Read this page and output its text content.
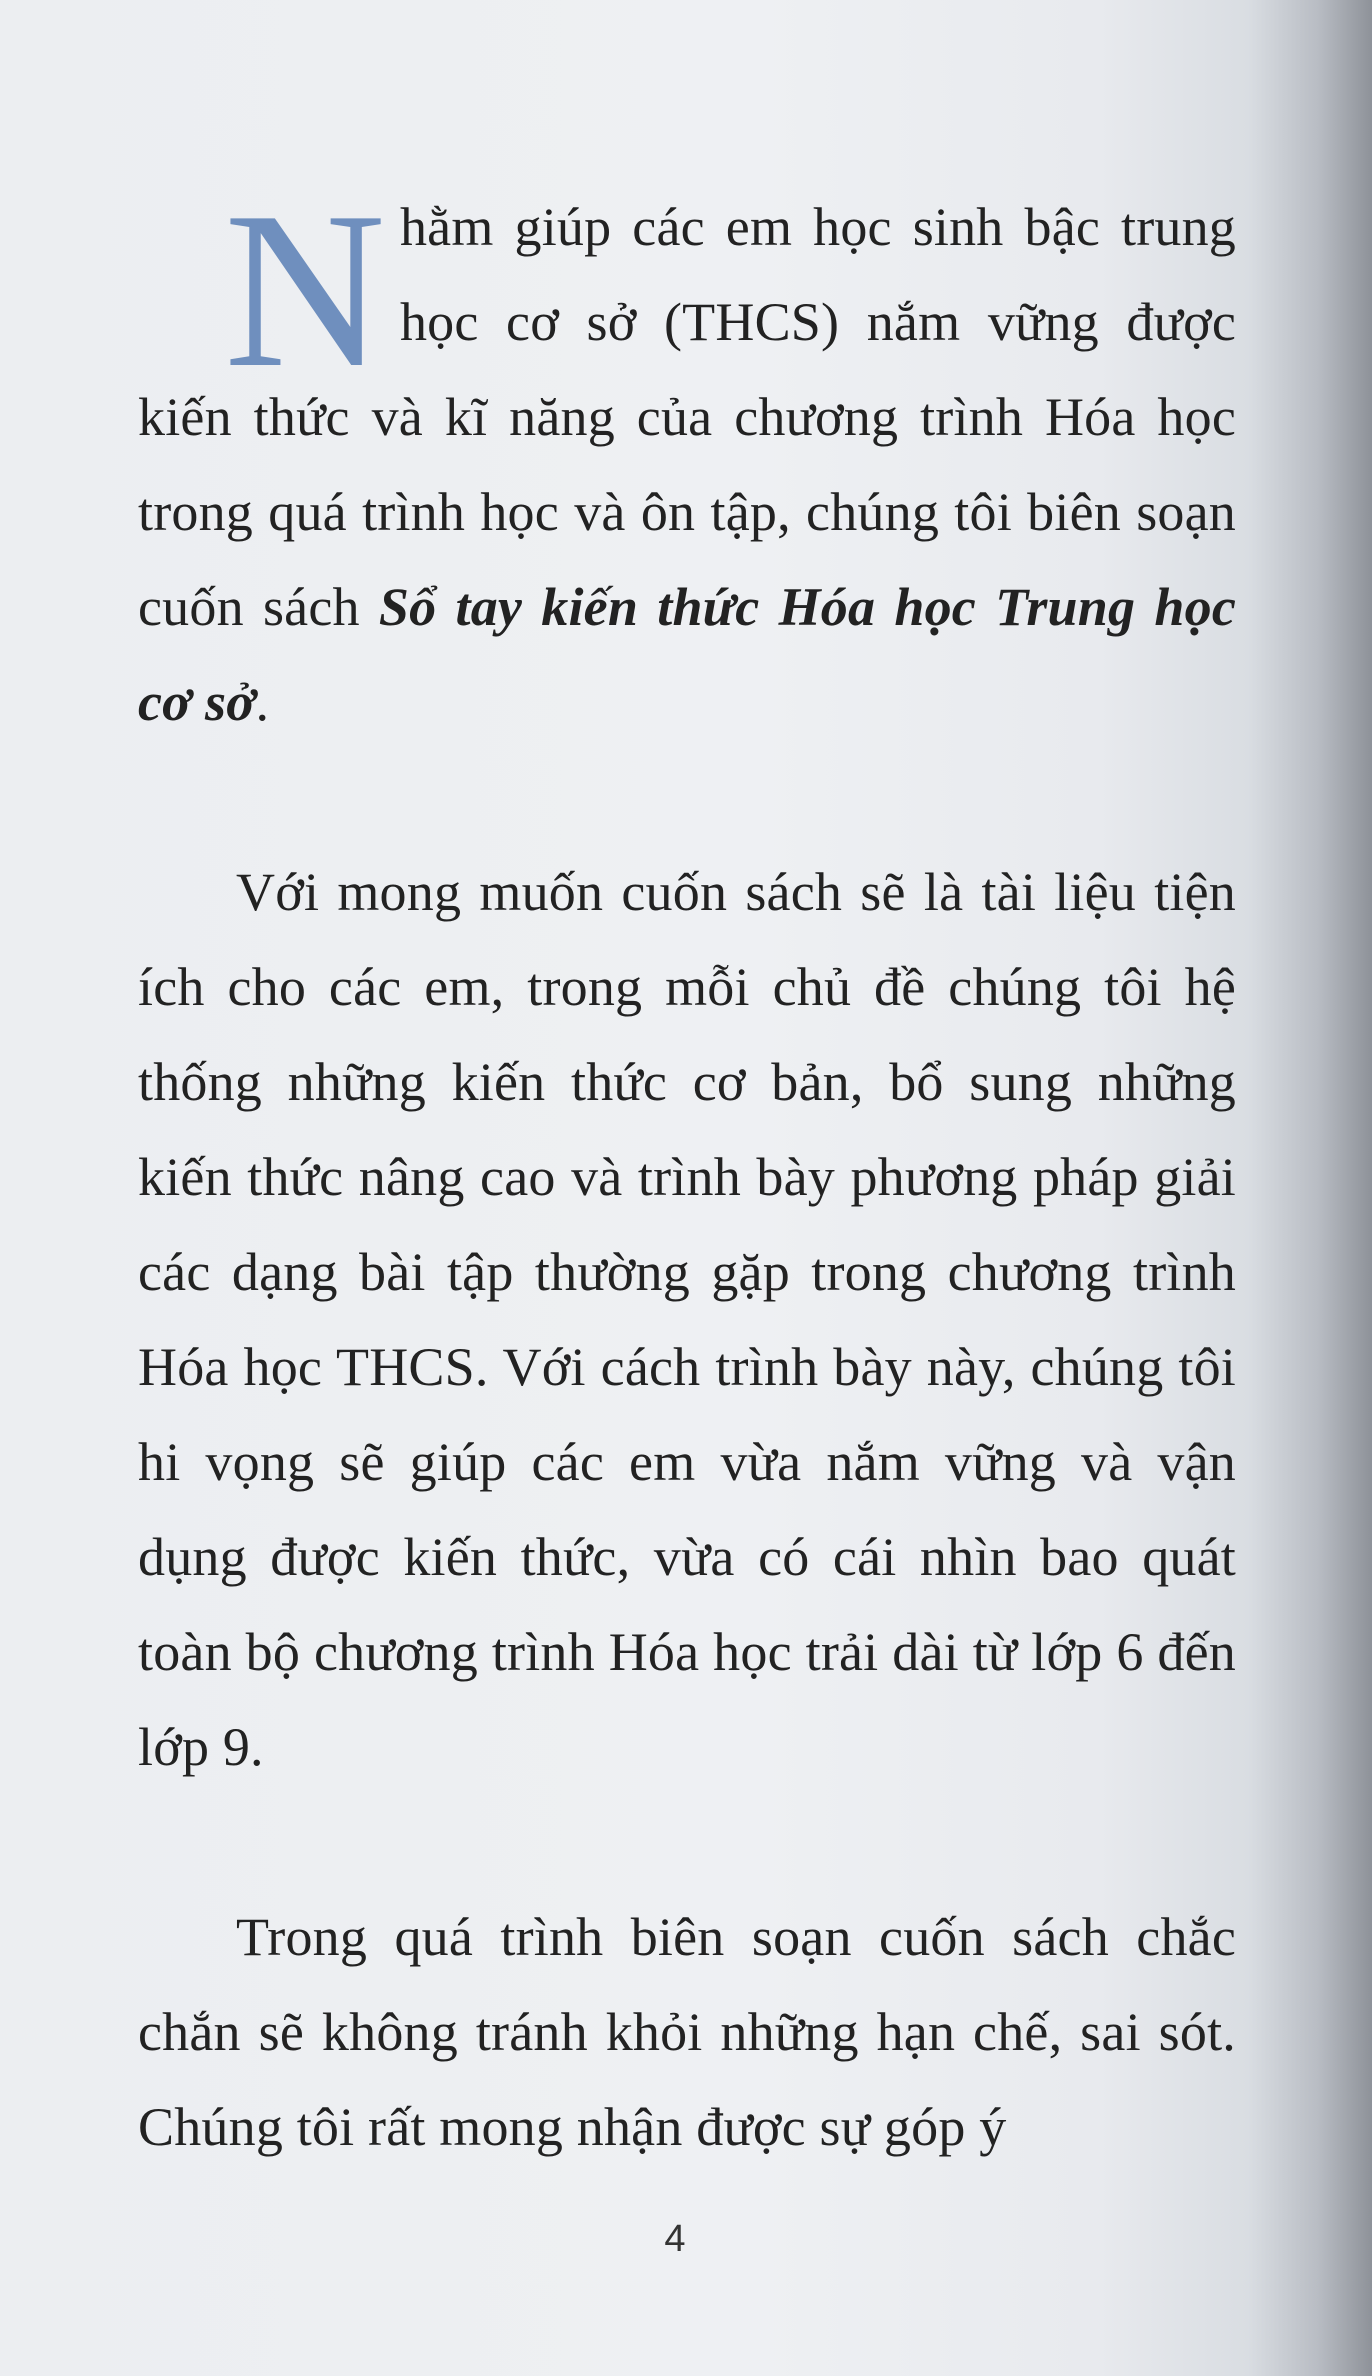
Nhằm giúp các em học sinh bậc trung học cơ sở (THCS) nắm vững được kiến thức và kĩ năng của chương trình Hóa học trong quá trình học và ôn tập, chúng tôi biên soạn cuốn sách Sổ tay kiến thức Hóa học Trung học cơ sở.

Với mong muốn cuốn sách sẽ là tài liệu tiện ích cho các em, trong mỗi chủ đề chúng tôi hệ thống những kiến thức cơ bản, bổ sung những kiến thức nâng cao và trình bày phương pháp giải các dạng bài tập thường gặp trong chương trình Hóa học THCS. Với cách trình bày này, chúng tôi hi vọng sẽ giúp các em vừa nắm vững và vận dụng được kiến thức, vừa có cái nhìn bao quát toàn bộ chương trình Hóa học trải dài từ lớp 6 đến lớp 9.

Trong quá trình biên soạn cuốn sách chắc chắn sẽ không tránh khỏi những hạn chế, sai sót. Chúng tôi rất mong nhận được sự góp ý

4
